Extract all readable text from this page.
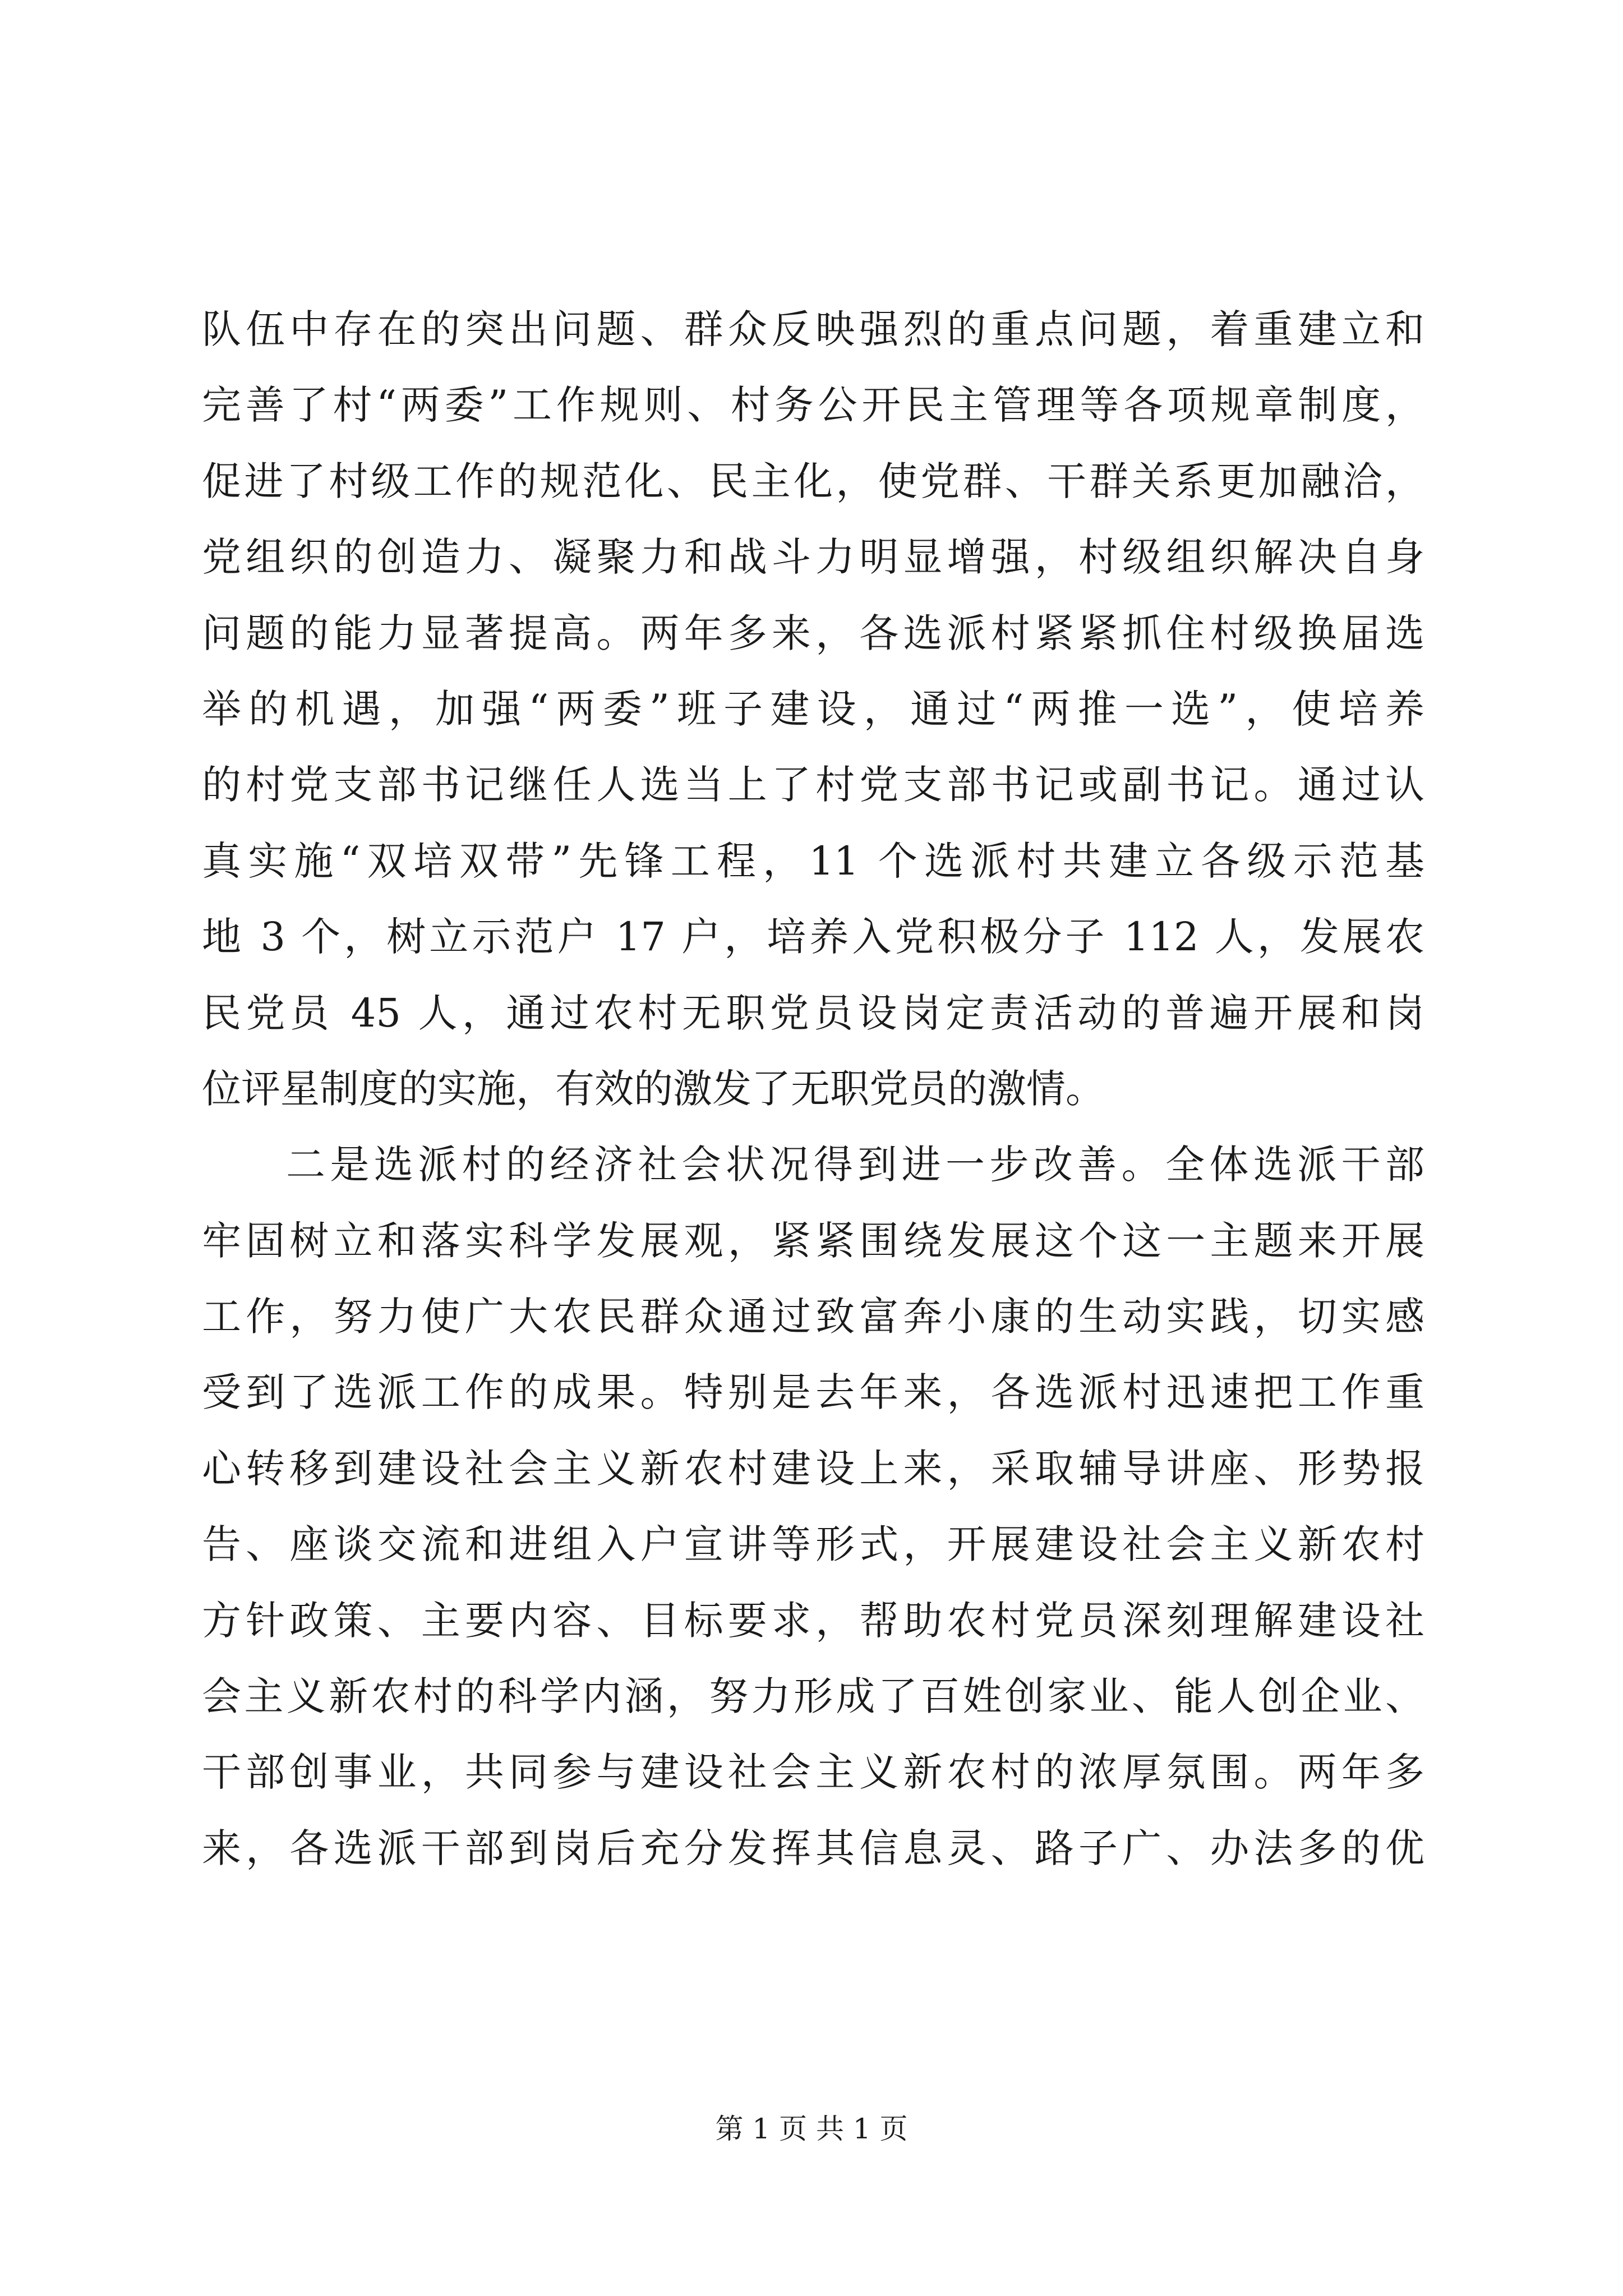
队伍中存在的突出问题、群众反映强烈的重点问题，着重建立和
完善了村“两委”工作规则、村务公开民主管理等各项规章制度，
促进了村级工作的规范化、民主化，使党群、干群关系更加融洽，
党组织的创造力、凝聚力和战斗力明显增强，村级组织解决自身
问题的能力显著提高。两年多来，各选派村紧紧抓住村级换届选
举的机遇，加强“两委”班子建设，通过“两推一选”，使培养
的村党支部书记继任人选当上了村党支部书记或副书记。通过认
真实施“双培双带”先锋工程，11 个选派村共建立各级示范基
地 3 个，树立示范户 17 户，培养入党积极分子 112 人，发展农
民党员 45 人，通过农村无职党员设岗定责活动的普遍开展和岗
位评星制度的实施，有效的激发了无职党员的激情。
二是选派村的经济社会状况得到进一步改善。全体选派干部
牢固树立和落实科学发展观，紧紧围绕发展这个这一主题来开展
工作，努力使广大农民群众通过致富奔小康的生动实践，切实感
受到了选派工作的成果。特别是去年来，各选派村迅速把工作重
心转移到建设社会主义新农村建设上来，采取辅导讲座、形势报
告、座谈交流和进组入户宣讲等形式，开展建设社会主义新农村
方针政策、主要内容、目标要求，帮助农村党员深刻理解建设社
会主义新农村的科学内涵，努力形成了百姓创家业、能人创企业、
干部创事业，共同参与建设社会主义新农村的浓厚氛围。两年多
来，各选派干部到岗后充分发挥其信息灵、路子广、办法多的优
第 1 页 共 1 页
